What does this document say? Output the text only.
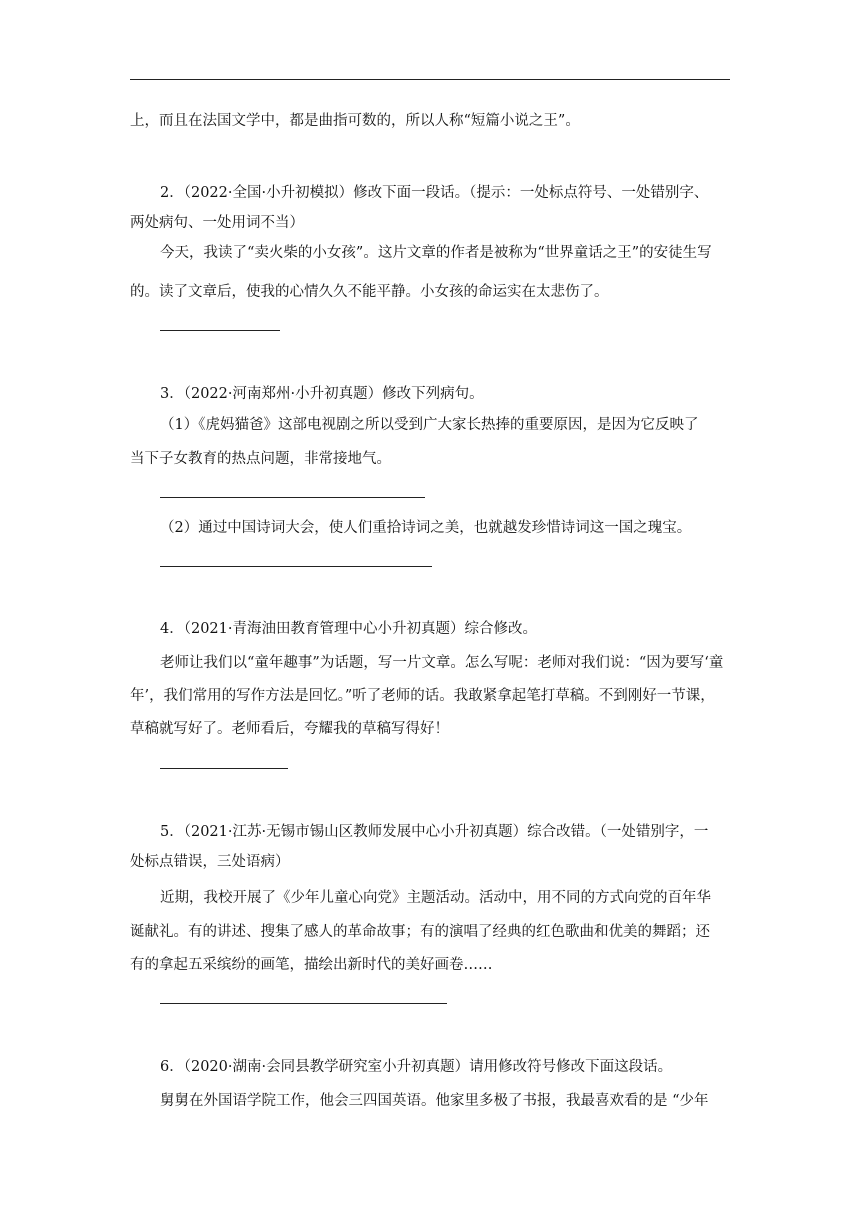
上，而且在法国文学中，都是曲指可数的，所以人称“短篇小说之王”。
2．（2022·全国·小升初模拟）修改下面一段话。（提示：一处标点符号、一处错别字、
两处病句、一处用词不当）
今天，我读了“卖火柴的小女孩”。这片文章的作者是被称为“世界童话之王”的安徒生写
的。读了文章后，使我的心情久久不能平静。小女孩的命运实在太悲伤了。
3．（2022·河南郑州·小升初真题）修改下列病句。
（1）《虎妈猫爸》这部电视剧之所以受到广大家长热捧的重要原因，是因为它反映了
当下子女教育的热点问题，非常接地气。
（2）通过中国诗词大会，使人们重拾诗词之美，也就越发珍惜诗词这一国之瑰宝。
4．（2021·青海油田教育管理中心小升初真题）综合修改。
老师让我们以“童年趣事”为话题，写一片文章。怎么写呢：老师对我们说：“因为要写‘童
年’，我们常用的写作方法是回忆。”听了老师的话。我敢紧拿起笔打草稿。不到刚好一节课，
草稿就写好了。老师看后，夸耀我的草稿写得好！
5．（2021·江苏·无锡市锡山区教师发展中心小升初真题）综合改错。（一处错别字，一
处标点错误，三处语病）
近期，我校开展了《少年儿童心向党》主题活动。活动中，用不同的方式向党的百年华
诞献礼。有的讲述、搜集了感人的革命故事；有的演唱了经典的红色歌曲和优美的舞蹈；还
有的拿起五采缤纷的画笔，描绘出新时代的美好画卷……
6．（2020·湖南·会同县教学研究室小升初真题）请用修改符号修改下面这段话。
舅舅在外国语学院工作，他会三四国英语。他家里多极了书报，我最喜欢看的是 “少年
